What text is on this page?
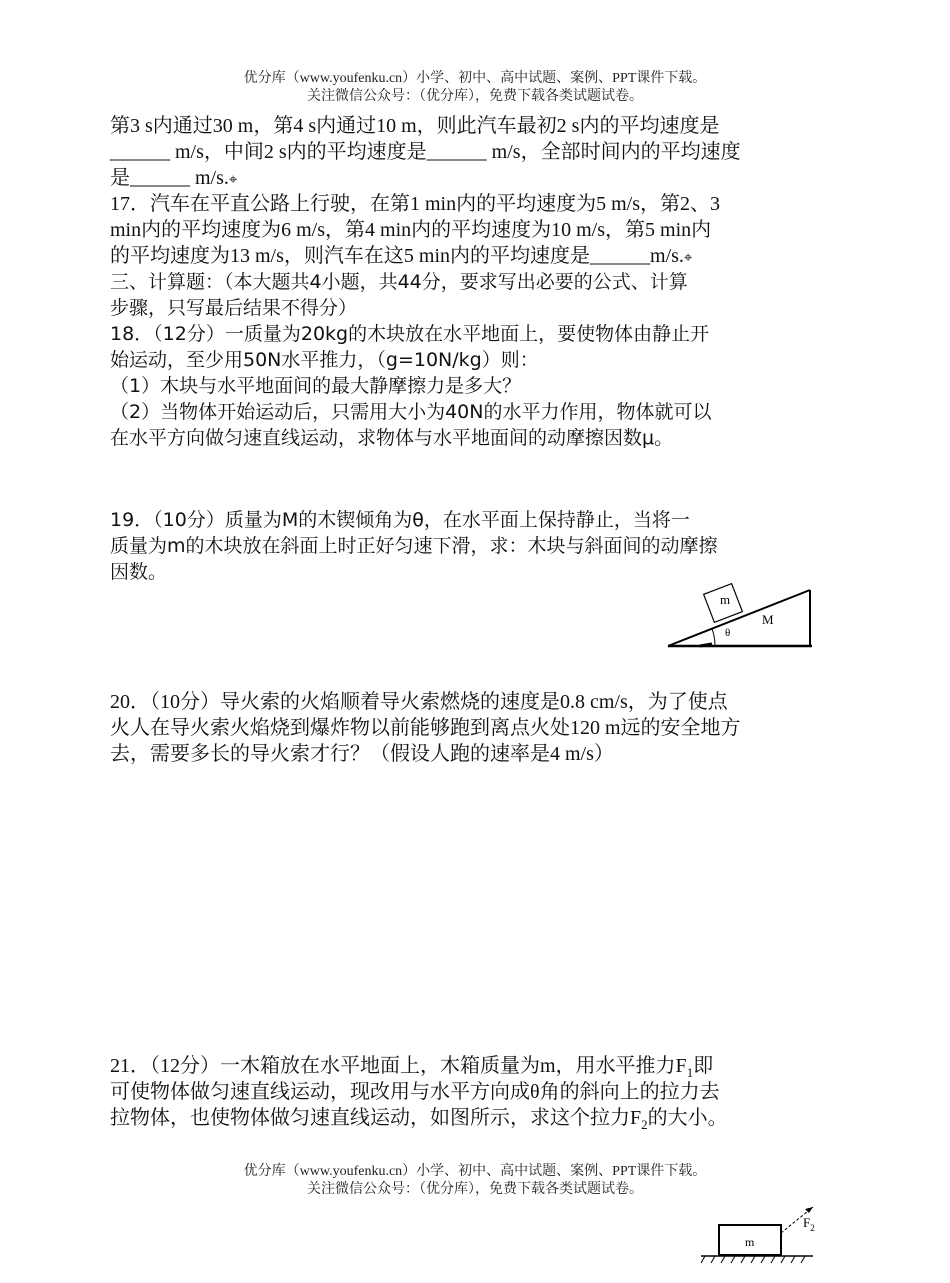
优分库（www.youfenku.cn）小学、初中、高中试题、案例、PPT课件下载。
关注微信公众号：（优分库），免费下载各类试题试卷。
第3 s内通过30 m，第4 s内通过10 m，则此汽车最初2 s内的平均速度是
______ m/s，中间2 s内的平均速度是______ m/s，全部时间内的平均速度
是______ m/s.⌖
17．汽车在平直公路上行驶，在第1 min内的平均速度为5 m/s，第2、3
min内的平均速度为6 m/s，第4 min内的平均速度为10 m/s，第5 min内
的平均速度为13 m/s，则汽车在这5 min内的平均速度是______m/s.⌖
三、计算题：（本大题共4小题，共44分，要求写出必要的公式、计算
步骤，只写最后结果不得分）
18．（12分）一质量为20kg的木块放在水平地面上，要使物体由静止开
始运动，至少用50N水平推力，（g=10N/kg）则：
（1）木块与水平地面间的最大静摩擦力是多大？
（2）当物体开始运动后，只需用大小为40N的水平力作用，物体就可以
在水平方向做匀速直线运动，求物体与水平地面间的动摩擦因数μ。
19．（10分）质量为M的木锲倾角为θ，在水平面上保持静止，当将一
质量为m的木块放在斜面上时正好匀速下滑，求：木块与斜面间的动摩擦
因数。
m
M
θ
20．（10分）导火索的火焰顺着导火索燃烧的速度是0.8 cm/s，为了使点
火人在导火索火焰烧到爆炸物以前能够跑到离点火处120 m远的安全地方
去，需要多长的导火索才行？（假设人跑的速率是4 m/s）
21．（12分）一木箱放在水平地面上，木箱质量为m，用水平推力$F_1$即
可使物体做匀速直线运动，现改用与水平方向成θ角的斜向上的拉力去
拉物体，也使物体做匀速直线运动，如图所示，求这个拉力$F_2$的大小。
优分库（www.youfenku.cn）小学、初中、高中试题、案例、PPT课件下载。
关注微信公众号：（优分库），免费下载各类试题试卷。
m
$F_2$
